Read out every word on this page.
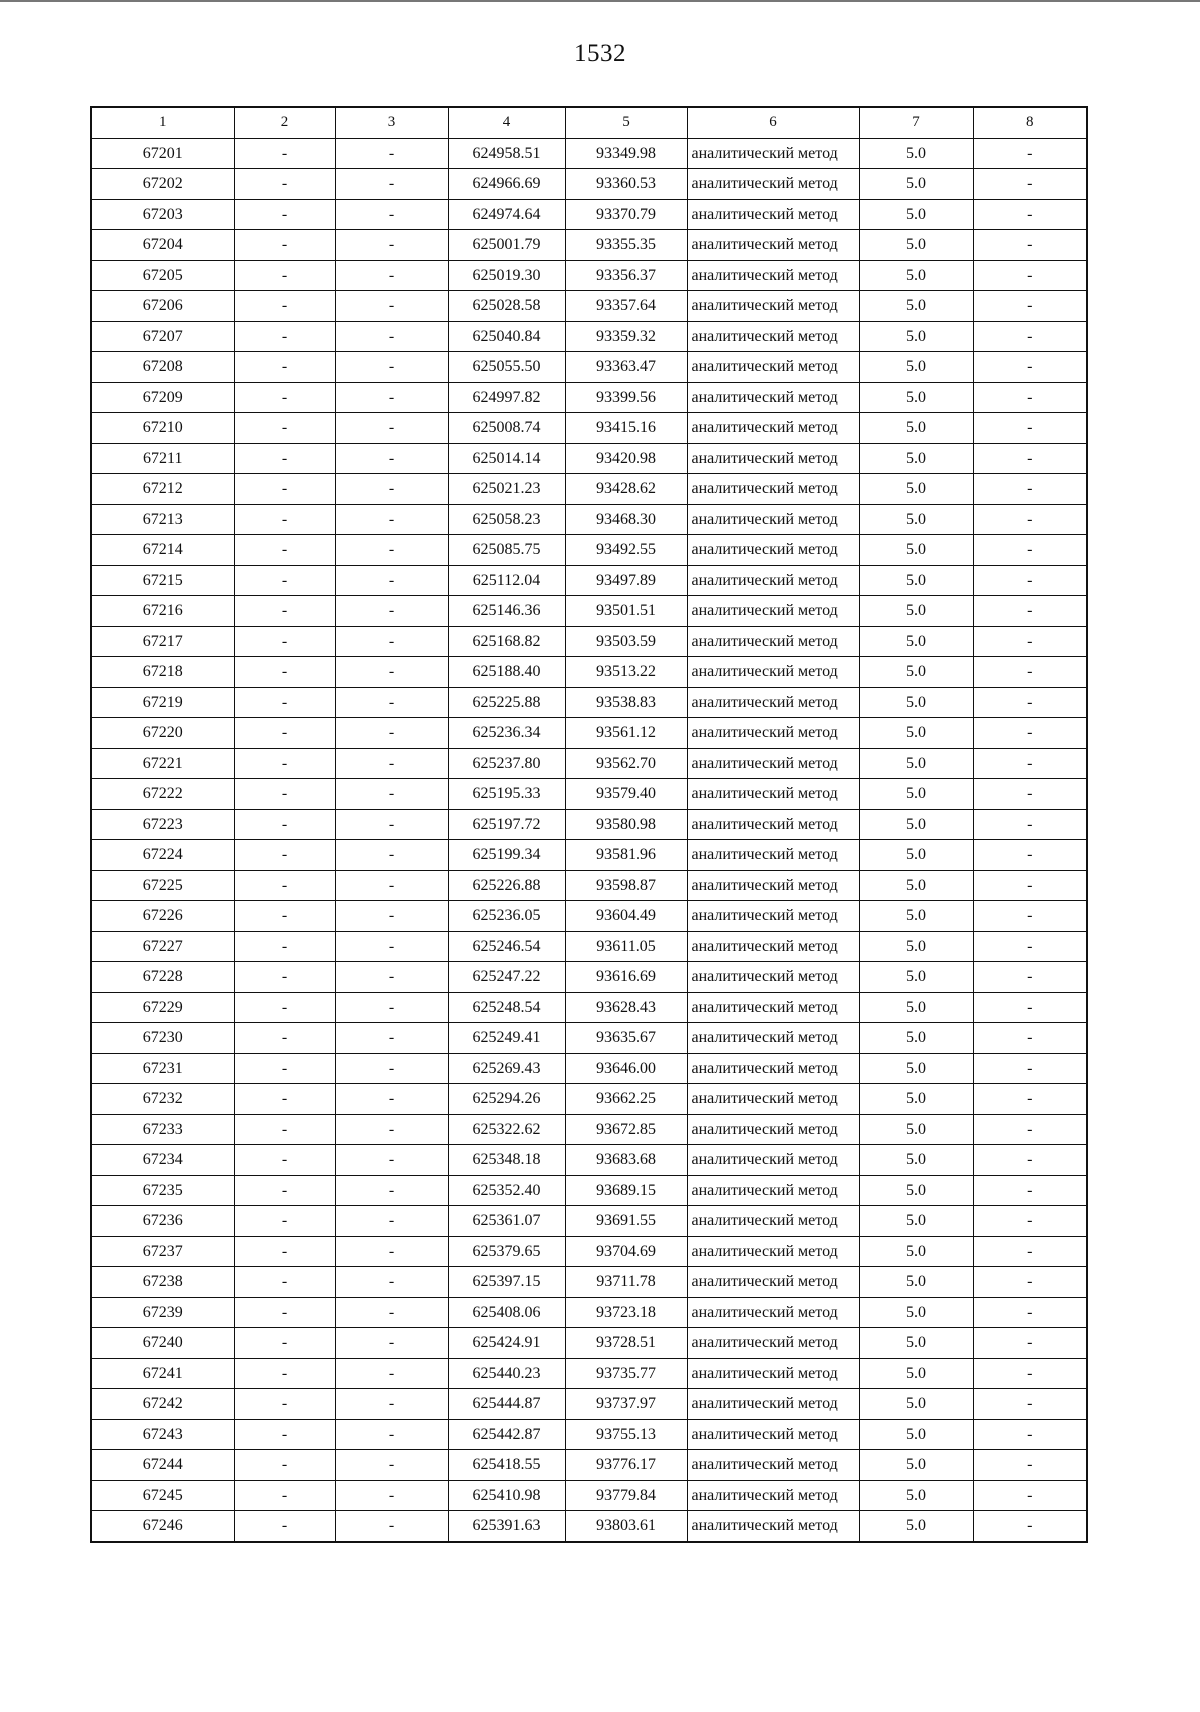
1532
1	2	3	4	5	6	7	8
67201	-	-	624958.51	93349.98	аналитический метод	5.0	-
67202	-	-	624966.69	93360.53	аналитический метод	5.0	-
67203	-	-	624974.64	93370.79	аналитический метод	5.0	-
67204	-	-	625001.79	93355.35	аналитический метод	5.0	-
67205	-	-	625019.30	93356.37	аналитический метод	5.0	-
67206	-	-	625028.58	93357.64	аналитический метод	5.0	-
67207	-	-	625040.84	93359.32	аналитический метод	5.0	-
67208	-	-	625055.50	93363.47	аналитический метод	5.0	-
67209	-	-	624997.82	93399.56	аналитический метод	5.0	-
67210	-	-	625008.74	93415.16	аналитический метод	5.0	-
67211	-	-	625014.14	93420.98	аналитический метод	5.0	-
67212	-	-	625021.23	93428.62	аналитический метод	5.0	-
67213	-	-	625058.23	93468.30	аналитический метод	5.0	-
67214	-	-	625085.75	93492.55	аналитический метод	5.0	-
67215	-	-	625112.04	93497.89	аналитический метод	5.0	-
67216	-	-	625146.36	93501.51	аналитический метод	5.0	-
67217	-	-	625168.82	93503.59	аналитический метод	5.0	-
67218	-	-	625188.40	93513.22	аналитический метод	5.0	-
67219	-	-	625225.88	93538.83	аналитический метод	5.0	-
67220	-	-	625236.34	93561.12	аналитический метод	5.0	-
67221	-	-	625237.80	93562.70	аналитический метод	5.0	-
67222	-	-	625195.33	93579.40	аналитический метод	5.0	-
67223	-	-	625197.72	93580.98	аналитический метод	5.0	-
67224	-	-	625199.34	93581.96	аналитический метод	5.0	-
67225	-	-	625226.88	93598.87	аналитический метод	5.0	-
67226	-	-	625236.05	93604.49	аналитический метод	5.0	-
67227	-	-	625246.54	93611.05	аналитический метод	5.0	-
67228	-	-	625247.22	93616.69	аналитический метод	5.0	-
67229	-	-	625248.54	93628.43	аналитический метод	5.0	-
67230	-	-	625249.41	93635.67	аналитический метод	5.0	-
67231	-	-	625269.43	93646.00	аналитический метод	5.0	-
67232	-	-	625294.26	93662.25	аналитический метод	5.0	-
67233	-	-	625322.62	93672.85	аналитический метод	5.0	-
67234	-	-	625348.18	93683.68	аналитический метод	5.0	-
67235	-	-	625352.40	93689.15	аналитический метод	5.0	-
67236	-	-	625361.07	93691.55	аналитический метод	5.0	-
67237	-	-	625379.65	93704.69	аналитический метод	5.0	-
67238	-	-	625397.15	93711.78	аналитический метод	5.0	-
67239	-	-	625408.06	93723.18	аналитический метод	5.0	-
67240	-	-	625424.91	93728.51	аналитический метод	5.0	-
67241	-	-	625440.23	93735.77	аналитический метод	5.0	-
67242	-	-	625444.87	93737.97	аналитический метод	5.0	-
67243	-	-	625442.87	93755.13	аналитический метод	5.0	-
67244	-	-	625418.55	93776.17	аналитический метод	5.0	-
67245	-	-	625410.98	93779.84	аналитический метод	5.0	-
67246	-	-	625391.63	93803.61	аналитический метод	5.0	-
